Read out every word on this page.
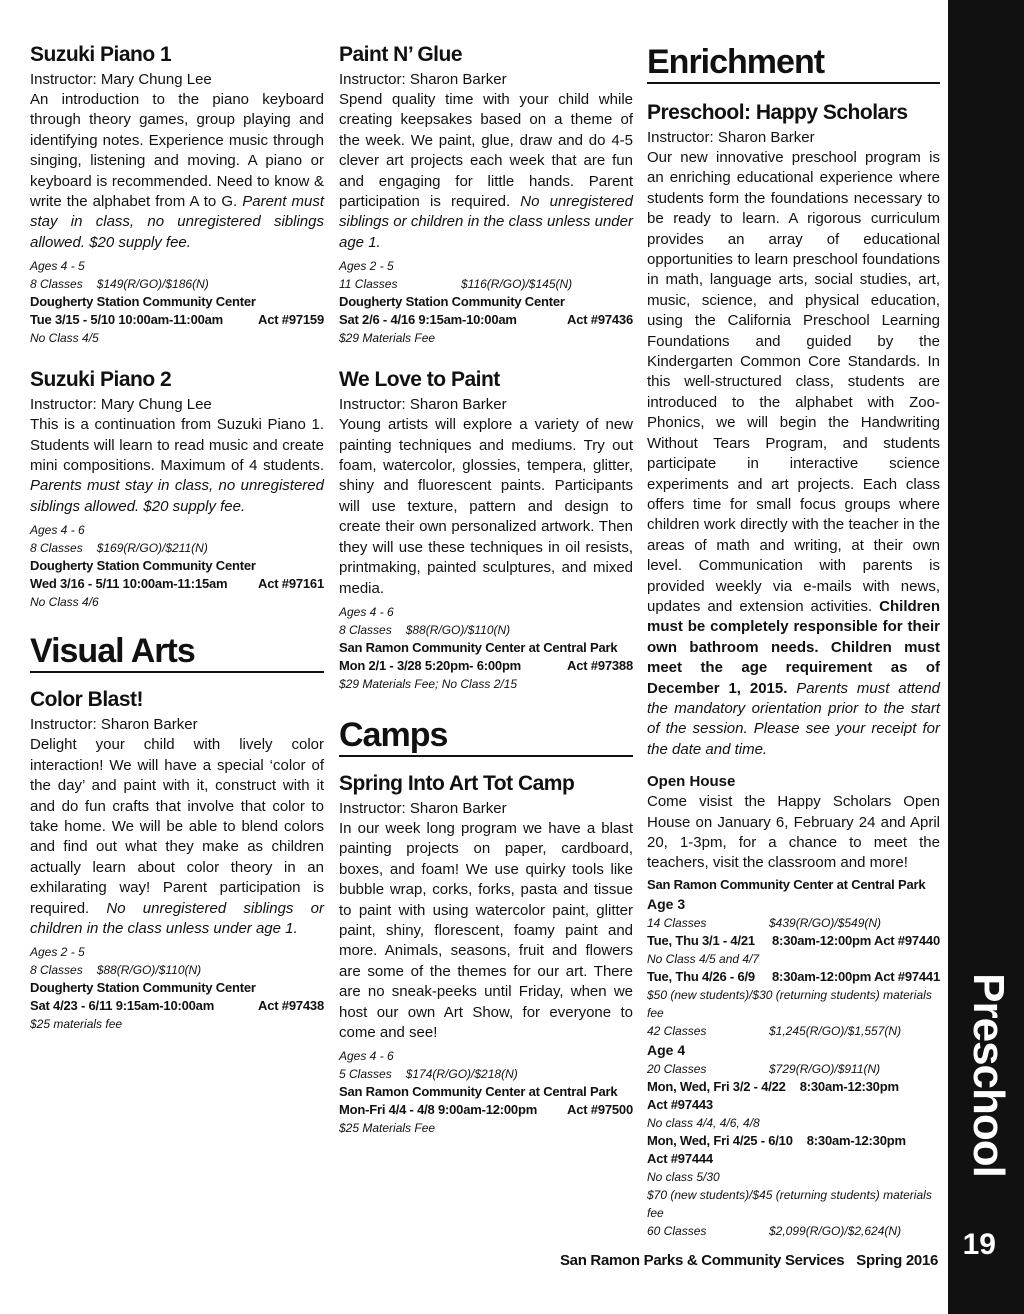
Suzuki Piano 1
Instructor: Mary Chung Lee
An introduction to the piano keyboard through theory games, group playing and identifying notes. Experience music through singing, listening and moving. A piano or keyboard is recommended. Need to know & write the alphabet from A to G. Parent must stay in class, no unregistered siblings allowed. $20 supply fee.
Ages 4 - 5
8 Classes $149(R/GO)/$186(N)
Dougherty Station Community Center
Tue 3/15 - 5/10 10:00am-11:00am	Act #97159
No Class 4/5
Suzuki Piano 2
Instructor: Mary Chung Lee
This is a continuation from Suzuki Piano 1. Students will learn to read music and create mini compositions. Maximum of 4 students. Parents must stay in class, no unregistered siblings allowed. $20 supply fee.
Ages 4 - 6
8 Classes $169(R/GO)/$211(N)
Dougherty Station Community Center
Wed 3/16 - 5/11 10:00am-11:15am Act #97161
No Class 4/6
Visual Arts
Color Blast!
Instructor: Sharon Barker
Delight your child with lively color interaction! We will have a special ‘color of the day’ and paint with it, construct with it and do fun crafts that involve that color to take home. We will be able to blend colors and find out what they make as children actually learn about color theory in an exhilarating way! Parent participation is required. No unregistered siblings or children in the class unless under age 1.
Ages 2 - 5
8 Classes $88(R/GO)/$110(N)
Dougherty Station Community Center
Sat 4/23 - 6/11 9:15am-10:00am	Act #97438
$25 materials fee
Paint N’ Glue
Instructor: Sharon Barker
Spend quality time with your child while creating keepsakes based on a theme of the week. We paint, glue, draw and do 4-5 clever art projects each week that are fun and engaging for little hands. Parent participation is required. No unregistered siblings or children in the class unless under age 1.
Ages 2 - 5
11 Classes	$116(R/GO)/$145(N)
Dougherty Station Community Center
Sat 2/6 - 4/16 9:15am-10:00am	Act #97436
$29 Materials Fee
We Love to Paint
Instructor: Sharon Barker
Young artists will explore a variety of new painting techniques and mediums. Try out foam, watercolor, glossies, tempera, glitter, shiny and fluorescent paints. Participants will use texture, pattern and design to create their own personalized artwork. Then they will use these techniques in oil resists, printmaking, painted sculptures, and mixed media.
Ages 4 - 6
8 Classes $88(R/GO)/$110(N)
San Ramon Community Center at Central Park
Mon 2/1 - 3/28 5:20pm- 6:00pm	Act #97388
$29 Materials Fee; No Class 2/15
Camps
Spring Into Art Tot Camp
Instructor: Sharon Barker
In our week long program we have a blast painting projects on paper, cardboard, boxes, and foam! We use quirky tools like bubble wrap, corks, forks, pasta and tissue to paint with using watercolor paint, glitter paint, shiny, florescent, foamy paint and more. Animals, seasons, fruit and flowers are some of the themes for our art. There are no sneak-peeks until Friday, when we host our own Art Show, for everyone to come and see!
Ages 4 - 6
5 Classes $174(R/GO)/$218(N)
San Ramon Community Center at Central Park
Mon-Fri 4/4 - 4/8 9:00am-12:00pm Act #97500
$25 Materials Fee
Enrichment
Preschool: Happy Scholars
Instructor: Sharon Barker
Our new innovative preschool program is an enriching educational experience where students form the foundations necessary to be ready to learn. A rigorous curriculum provides an array of educational opportunities to learn preschool foundations in math, language arts, social studies, art, music, science, and physical education, using the California Preschool Learning Foundations and guided by the Kindergarten Common Core Standards. In this well-structured class, students are introduced to the alphabet with Zoo-Phonics, we will begin the Handwriting Without Tears Program, and students participate in interactive science experiments and art projects. Each class offers time for small focus groups where children work directly with the teacher in the areas of math and writing, at their own level. Communication with parents is provided weekly via e-mails with news, updates and extension activities. Children must be completely responsible for their own bathroom needs. Children must meet the age requirement as of December 1, 2015. Parents must attend the mandatory orientation prior to the start of the session. Please see your receipt for the date and time.
Open House
Come visist the Happy Scholars Open House on January 6, February 24 and April 20, 1-3pm, for a chance to meet the teachers, visit the classroom and more!
San Ramon Community Center at Central Park
Age 3
14 Classes	$439(R/GO)/$549(N)
Tue, Thu 3/1 - 4/21 8:30am-12:00pm Act #97440
No Class 4/5 and 4/7
Tue, Thu 4/26 - 6/9 8:30am-12:00pm Act #97441
$50 (new students)/$30 (returning students) materials fee
42 Classes	$1,245(R/GO)/$1,557(N)
Age 4
20 Classes	$729(R/GO)/$911(N)
Mon, Wed, Fri 3/2 - 4/22 8:30am-12:30pm
Act #97443
No class 4/4, 4/6, 4/8
Mon, Wed, Fri 4/25 - 6/10 8:30am-12:30pm
Act #97444
No class 5/30
$70 (new students)/$45 (returning students) materials fee
60 Classes	$2,099(R/GO)/$2,624(N)
Preschool
19
San Ramon Parks & Community Services Spring 2016
